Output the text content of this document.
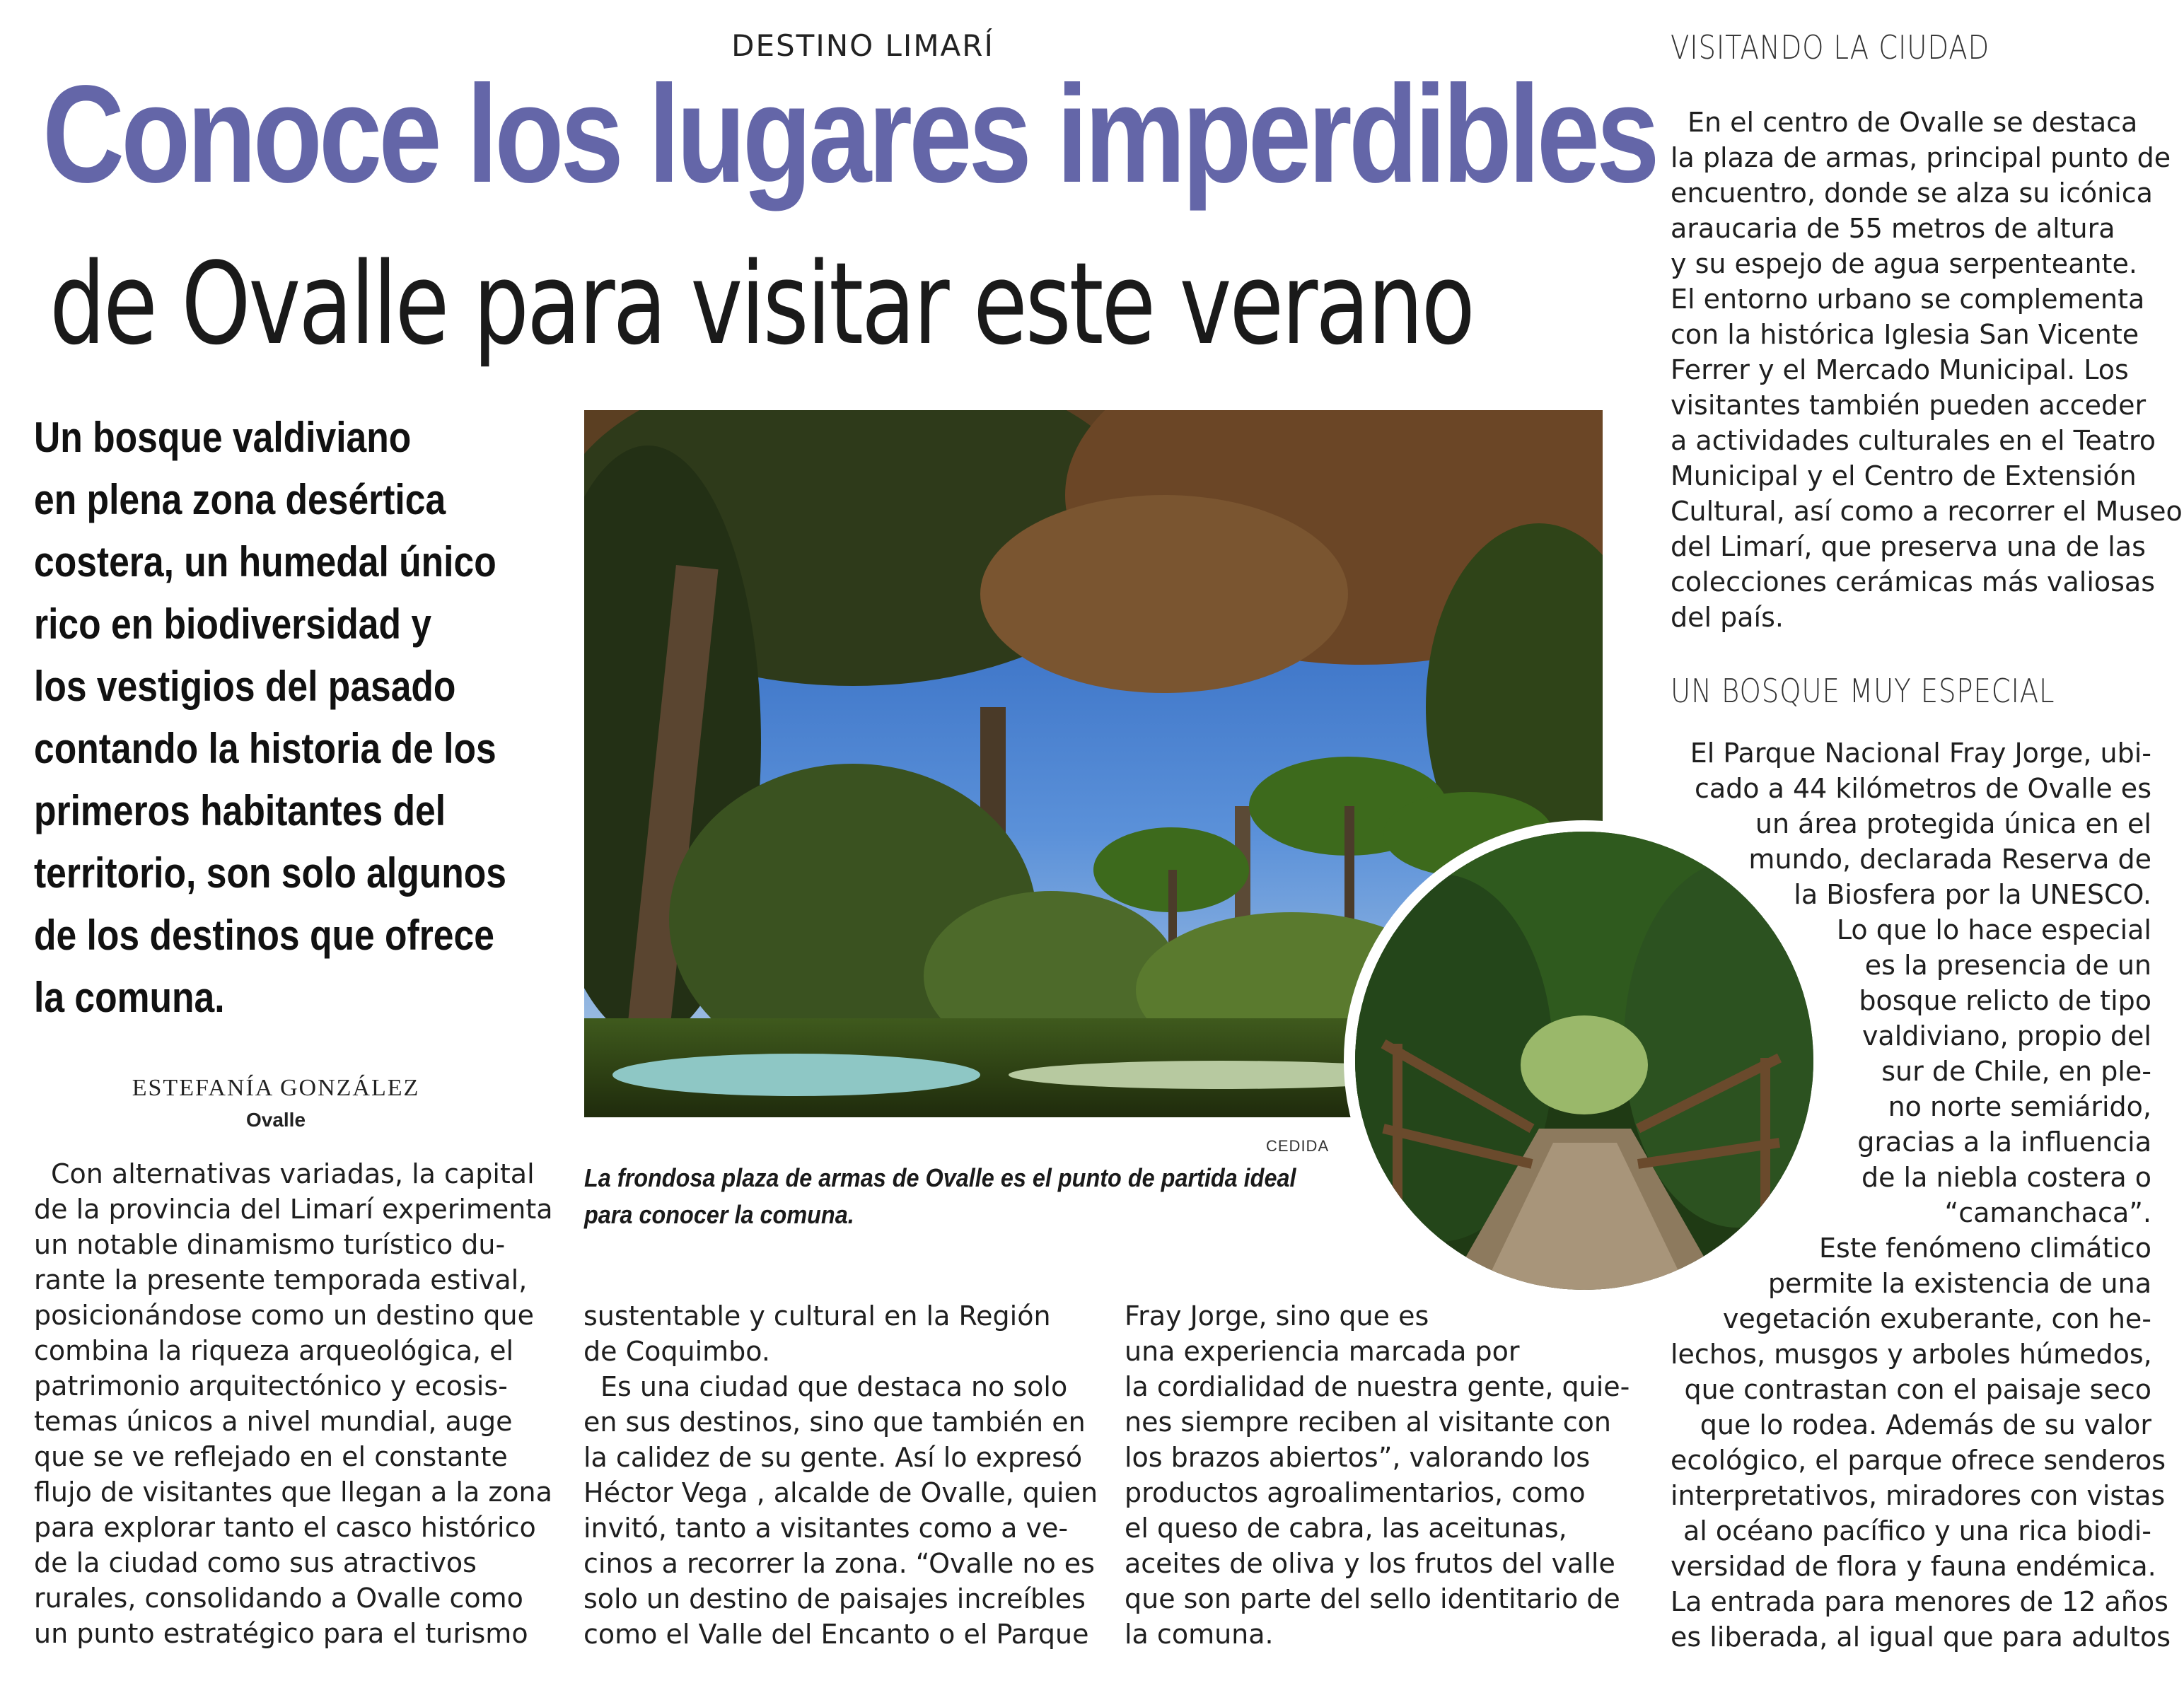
DESTINO LIMARÍ
Conoce los lugares imperdibles
de Ovalle para visitar este verano
Un bosque valdiviano
en plena zona desértica
costera, un humedal único
rico en biodiversidad y
los vestigios del pasado
contando la historia de los
primeros habitantes del
territorio, son solo algunos
de los destinos que ofrece
la comuna.
ESTEFANÍA GONZÁLEZ
Ovalle
CEDIDA
La frondosa plaza de armas de Ovalle es el punto de partida ideal
para conocer la comuna.
Con alternativas variadas, la capital
de la provincia del Limarí experimenta
un notable dinamismo turístico du-
rante la presente temporada estival,
posicionándose como un destino que
combina la riqueza arqueológica, el
patrimonio arquitectónico y ecosis-
temas únicos a nivel mundial, auge
que se ve reflejado en el constante
flujo de visitantes que llegan a la zona
para explorar tanto el casco histórico
de la ciudad como sus atractivos
rurales, consolidando a Ovalle como
un punto estratégico para el turismo
sustentable y cultural en la Región
de Coquimbo.
Es una ciudad que destaca no solo
en sus destinos, sino que también en
la calidez de su gente. Así lo expresó
Héctor Vega , alcalde de Ovalle, quien
invitó, tanto a visitantes como a ve-
cinos a recorrer la zona. “Ovalle no es
solo un destino de paisajes increíbles
como el Valle del Encanto o el Parque
Fray Jorge, sino que es
una experiencia marcada por
la cordialidad de nuestra gente, quie-
nes siempre reciben al visitante con
los brazos abiertos”, valorando los
productos agroalimentarios, como
el queso de cabra, las aceitunas,
aceites de oliva y los frutos del valle
que son parte del sello identitario de
la comuna.
VISITANDO LA CIUDAD
En el centro de Ovalle se destaca
la plaza de armas, principal punto de
encuentro, donde se alza su icónica
araucaria de 55 metros de altura
y su espejo de agua serpenteante.
El entorno urbano se complementa
con la histórica Iglesia San Vicente
Ferrer y el Mercado Municipal. Los
visitantes también pueden acceder
a actividades culturales en el Teatro
Municipal y el Centro de Extensión
Cultural, así como a recorrer el Museo
del Limarí, que preserva una de las
colecciones cerámicas más valiosas
del país.
UN BOSQUE MUY ESPECIAL
El Parque Nacional Fray Jorge, ubi-
cado a 44 kilómetros de Ovalle es
un área protegida única en el
mundo, declarada Reserva de
la Biosfera por la UNESCO.
Lo que lo hace especial
es la presencia de un
bosque relicto de tipo
valdiviano, propio del
sur de Chile, en ple-
no norte semiárido,
gracias a la influencia
de la niebla costera o
“camanchaca”.
Este fenómeno climático
permite la existencia de una
vegetación exuberante, con he-
lechos, musgos y arboles húmedos,
que contrastan con el paisaje seco
que lo rodea. Además de su valor
ecológico, el parque ofrece senderos
interpretativos, miradores con vistas
al océano pacífico y una rica biodi-
versidad de flora y fauna endémica.
La entrada para menores de 12 años
es liberada, al igual que para adultos
